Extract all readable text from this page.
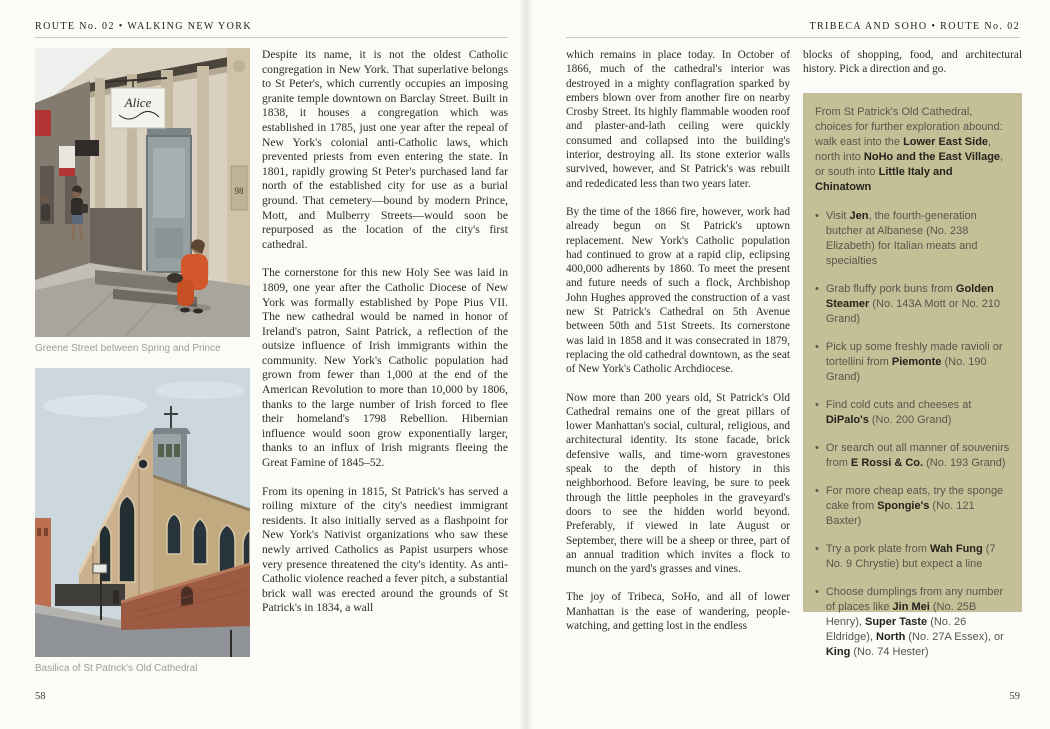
ROUTE No. 02 • WALKING NEW YORK	TRIBECA AND SOHO • ROUTE No. 02
Alice
98
Greene Street between Spring and Prince
Basilica of St Patrick's Old Cathedral

Despite its name, it is not the oldest Catholic congregation in New York. That superlative belongs to St Peter's, which currently occupies an imposing granite temple downtown on Barclay Street. Built in 1838, it houses a congregation which was established in 1785, just one year after the repeal of New York's colonial anti-Catholic laws, which prevented priests from even entering the state. In 1801, rapidly growing St Peter's purchased land far north of the established city for use as a burial ground. That cemetery—bound by modern Prince, Mott, and Mulberry Streets—would soon be repurposed as the location of the city's first cathedral.

The cornerstone for this new Holy See was laid in 1809, one year after the Catholic Diocese of New York was formally established by Pope Pius VII. The new cathedral would be named in honor of Ireland's patron, Saint Patrick, a reflection of the outsize influence of Irish immigrants within the community. New York's Catholic population had grown from fewer than 1,000 at the end of the American Revolution to more than 10,000 by 1806, thanks to the large number of Irish forced to flee their homeland's 1798 Rebellion. Hibernian influence would soon grow exponentially larger, thanks to an influx of Irish migrants fleeing the Great Famine of 1845–52.

From its opening in 1815, St Patrick's has served a roiling mixture of the city's neediest immigrant residents. It also initially served as a flashpoint for New York's Nativist organizations who saw these newly arrived Catholics as Papist usurpers whose very presence threatened the city's identity. As anti-Catholic violence reached a fever pitch, a substantial brick wall was erected around the grounds of St Patrick's in 1834, a wall

which remains in place today. In October of 1866, much of the cathedral's interior was destroyed in a mighty conflagration sparked by embers blown over from another fire on nearby Crosby Street. Its highly flammable wooden roof and plaster-and-lath ceiling were quickly consumed and collapsed into the building's interior, destroying all. Its stone exterior walls survived, however, and St Patrick's was rebuilt and rededicated less than two years later.

By the time of the 1866 fire, however, work had already begun on St Patrick's uptown replacement. New York's Catholic population had continued to grow at a rapid clip, eclipsing 400,000 adherents by 1860. To meet the present and future needs of such a flock, Archbishop John Hughes approved the construction of a vast new St Patrick's Cathedral on 5th Avenue between 50th and 51st Streets. Its cornerstone was laid in 1858 and it was consecrated in 1879, replacing the old cathedral downtown, as the seat of New York's Catholic Archdiocese.

Now more than 200 years old, St Patrick's Old Cathedral remains one of the great pillars of lower Manhattan's social, cultural, religious, and architectural identity. Its stone facade, brick defensive walls, and time-worn gravestones speak to the depth of history in this neighborhood. Before leaving, be sure to peek through the little peepholes in the graveyard's doors to see the hidden world beyond. Preferably, if viewed in late August or September, there will be a sheep or three, part of an annual tradition which invites a flock to munch on the yard's grasses and vines.

The joy of Tribeca, SoHo, and all of lower Manhattan is the ease of wandering, people-watching, and getting lost in the endless

blocks of shopping, food, and architectural history. Pick a direction and go.

From St Patrick's Old Cathedral, choices for further exploration abound: walk east into the Lower East Side, north into NoHo and the East Village, or south into Little Italy and Chinatown

• Visit Jen, the fourth-generation butcher at Albanese (No. 238 Elizabeth) for Italian meats and specialties
• Grab fluffy pork buns from Golden Steamer (No. 143A Mott or No. 210 Grand)
• Pick up some freshly made ravioli or tortellini from Piemonte (No. 190 Grand)
• Find cold cuts and cheeses at DiPalo's (No. 200 Grand)
• Or search out all manner of souvenirs from E Rossi & Co. (No. 193 Grand)
• For more cheap eats, try the sponge cake from Spongie's (No. 121 Baxter)
• Try a pork plate from Wah Fung (7 No. 9 Chrystie) but expect a line
• Choose dumplings from any number of places like Jin Mei (No. 25B Henry), Super Taste (No. 26 Eldridge), North (No. 27A Essex), or King (No. 74 Hester)
58	59
